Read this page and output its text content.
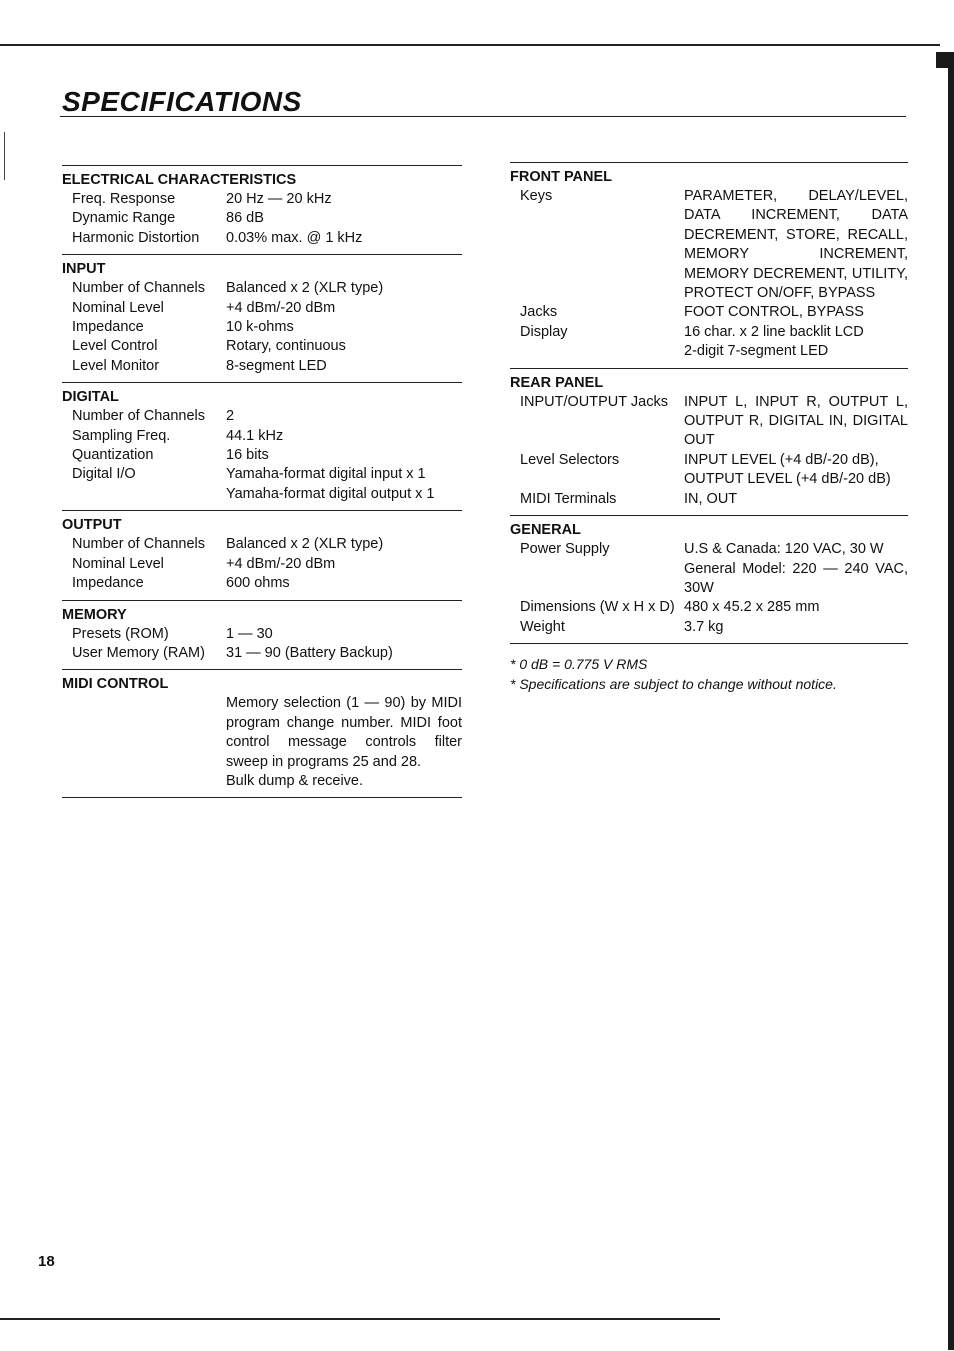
SPECIFICATIONS
ELECTRICAL CHARACTERISTICS
Freq. Response	20 Hz — 20 kHz
Dynamic Range	86 dB
Harmonic Distortion	0.03% max. @ 1 kHz
INPUT
Number of Channels	Balanced x 2 (XLR type)
Nominal Level	+4 dBm/-20 dBm
Impedance	10 k-ohms
Level Control	Rotary, continuous
Level Monitor	8-segment LED
DIGITAL
Number of Channels	2
Sampling Freq.	44.1 kHz
Quantization	16 bits
Digital I/O	Yamaha-format digital input x 1
Yamaha-format digital output x 1
OUTPUT
Number of Channels	Balanced x 2 (XLR type)
Nominal Level	+4 dBm/-20 dBm
Impedance	600 ohms
MEMORY
Presets (ROM)	1 — 30
User Memory (RAM)	31 — 90 (Battery Backup)
MIDI CONTROL
Memory selection (1 — 90) by MIDI program change number. MIDI foot control message controls filter sweep in programs 25 and 28.
Bulk dump & receive.
FRONT PANEL
Keys	PARAMETER, DELAY/LEVEL, DATA INCREMENT, DATA DECREMENT, STORE, RECALL, MEMORY INCREMENT, MEMORY DECREMENT, UTILITY, PROTECT ON/OFF, BYPASS
Jacks	FOOT CONTROL, BYPASS
Display	16 char. x 2 line backlit LCD
2-digit 7-segment LED
REAR PANEL
INPUT/OUTPUT Jacks	INPUT L, INPUT R, OUTPUT L, OUTPUT R, DIGITAL IN, DIGITAL OUT
Level Selectors	INPUT LEVEL (+4 dB/-20 dB),
OUTPUT LEVEL (+4 dB/-20 dB)
MIDI Terminals	IN, OUT
GENERAL
Power Supply	U.S & Canada: 120 VAC, 30 W
General Model: 220 — 240 VAC, 30W
Dimensions (W x H x D) 480 x 45.2 x 285 mm
Weight	3.7 kg
* 0 dB = 0.775 V RMS
* Specifications are subject to change without notice.
18
